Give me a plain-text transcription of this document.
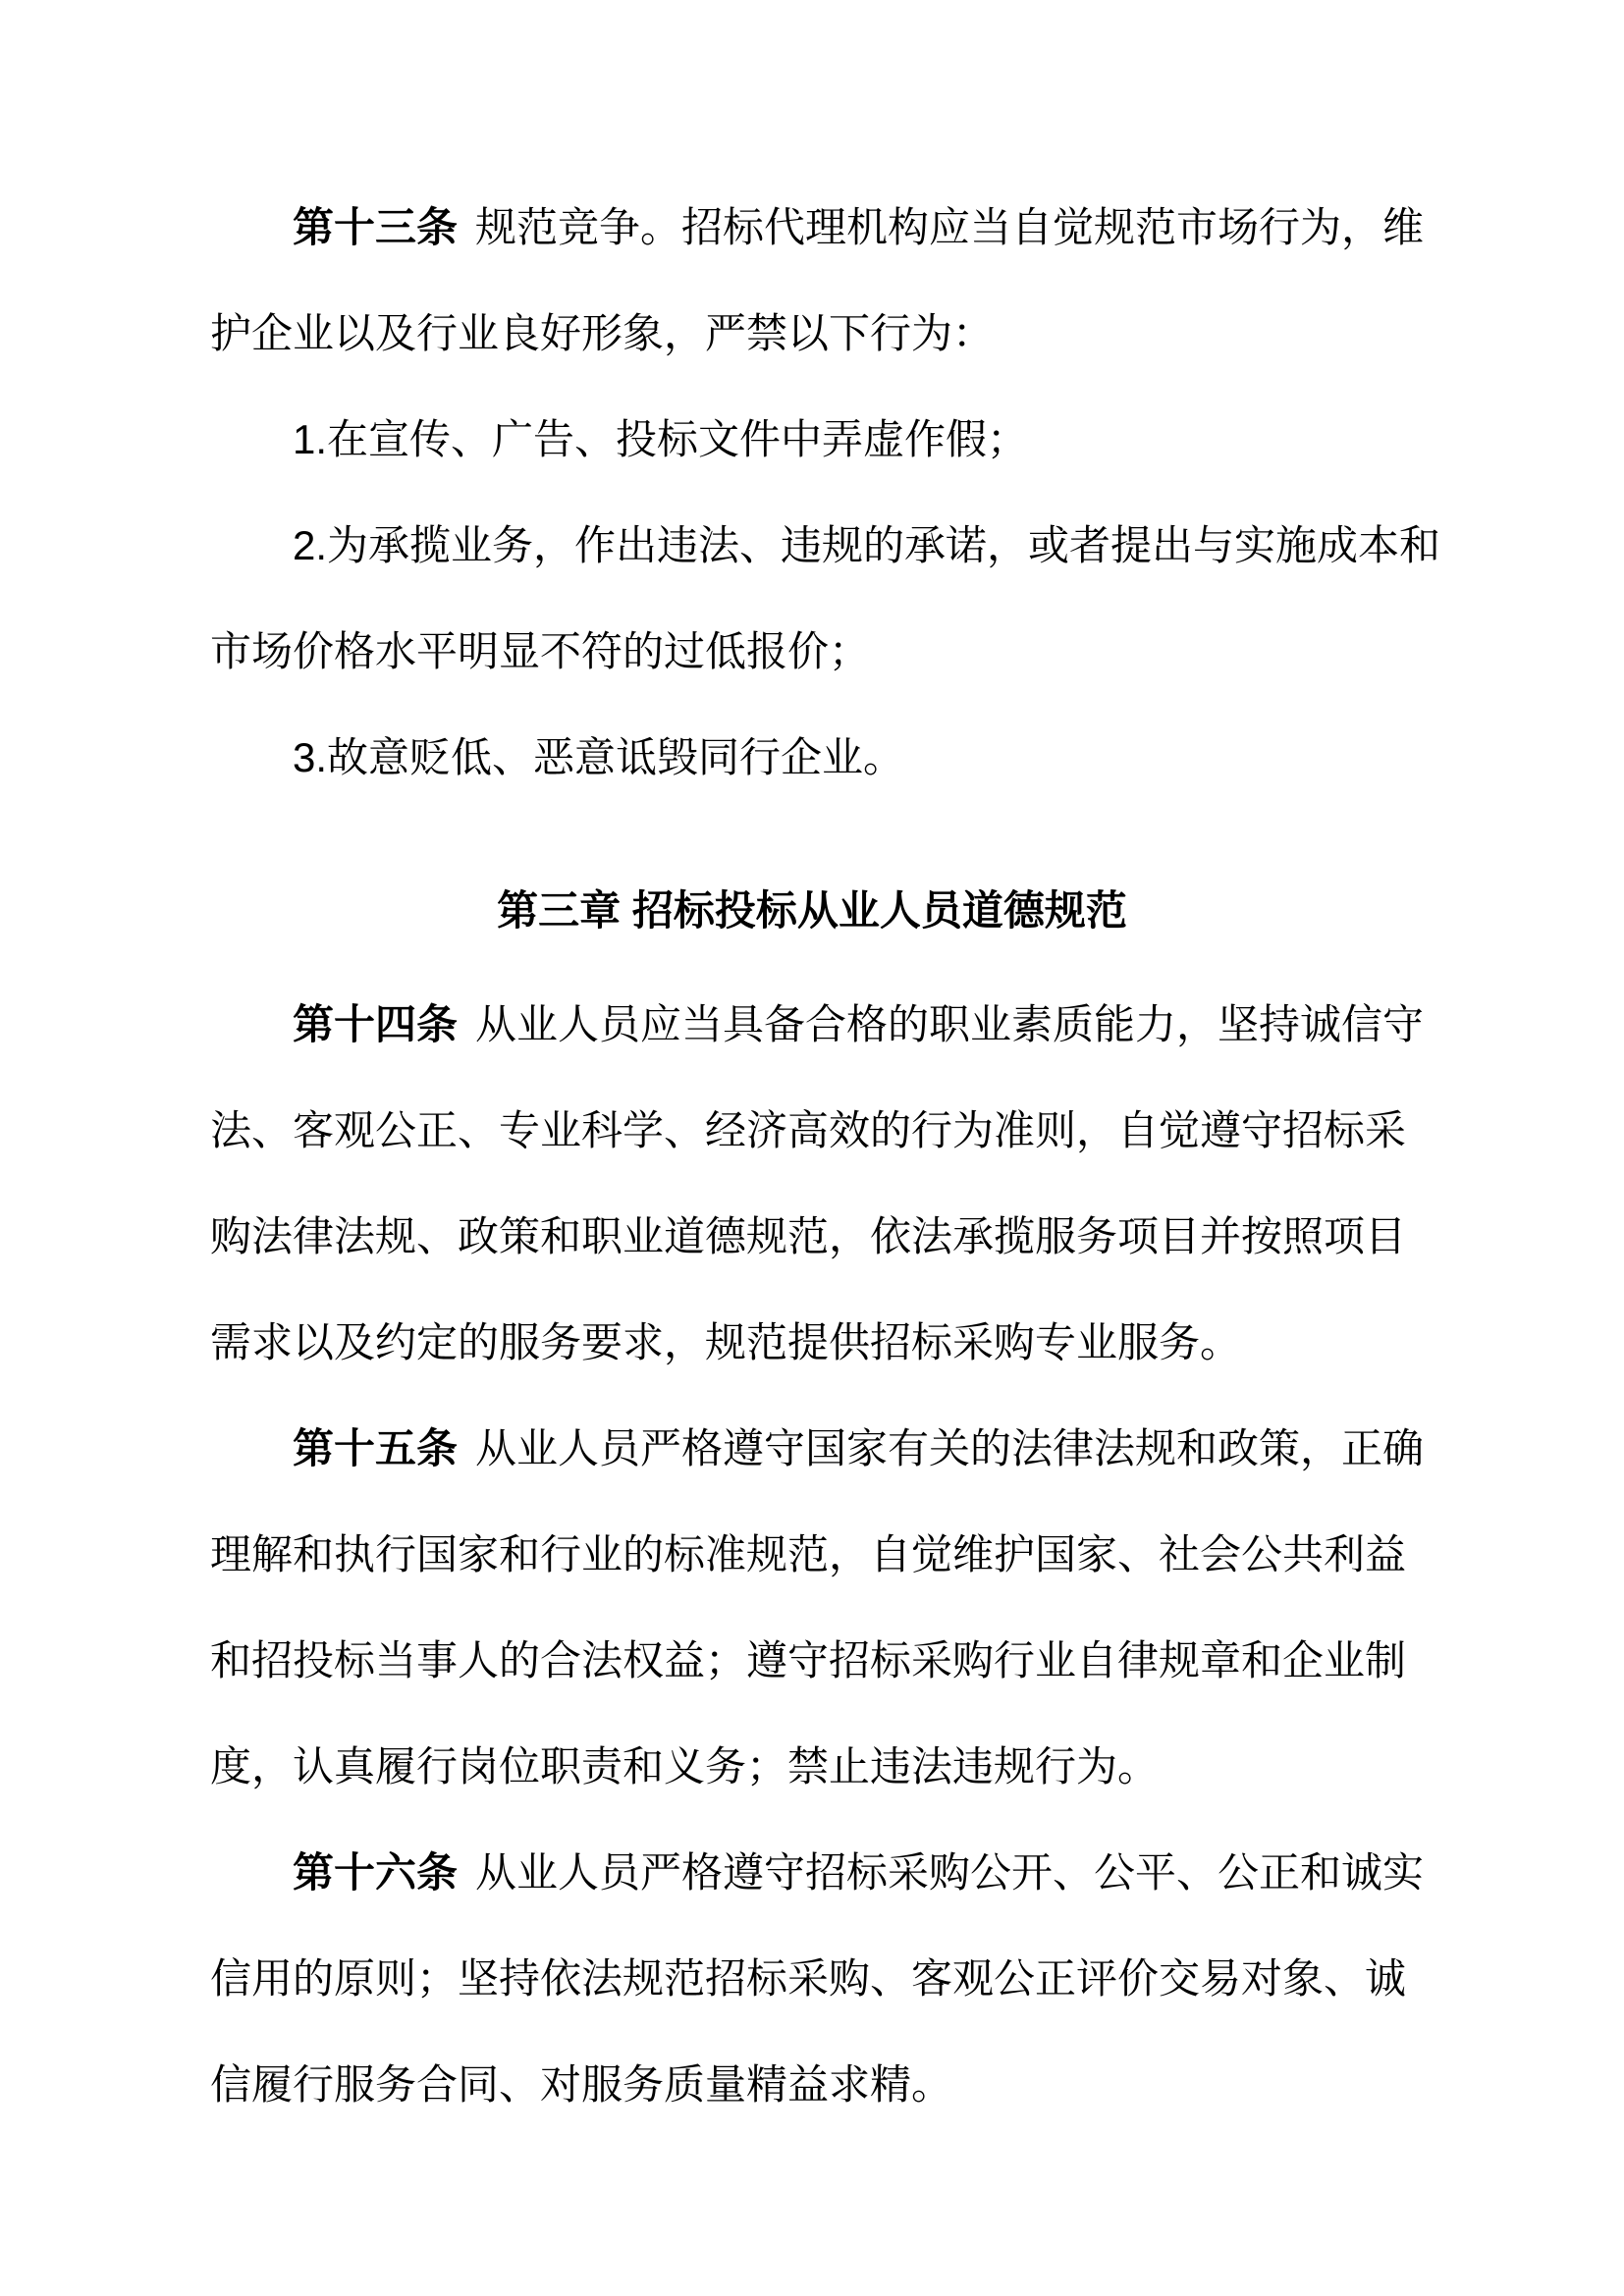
第十三条 规范竞争。招标代理机构应当自觉规范市场行为，维
护企业以及行业良好形象，严禁以下行为：
1.在宣传、广告、投标文件中弄虚作假；
2.为承揽业务，作出违法、违规的承诺，或者提出与实施成本和
市场价格水平明显不符的过低报价；
3.故意贬低、恶意诋毁同行企业。
第三章 招标投标从业人员道德规范
第十四条 从业人员应当具备合格的职业素质能力，坚持诚信守
法、客观公正、专业科学、经济高效的行为准则，自觉遵守招标采
购法律法规、政策和职业道德规范，依法承揽服务项目并按照项目
需求以及约定的服务要求，规范提供招标采购专业服务。
第十五条 从业人员严格遵守国家有关的法律法规和政策，正确
理解和执行国家和行业的标准规范，自觉维护国家、社会公共利益
和招投标当事人的合法权益；遵守招标采购行业自律规章和企业制
度，认真履行岗位职责和义务；禁止违法违规行为。
第十六条 从业人员严格遵守招标采购公开、公平、公正和诚实
信用的原则；坚持依法规范招标采购、客观公正评价交易对象、诚
信履行服务合同、对服务质量精益求精。
